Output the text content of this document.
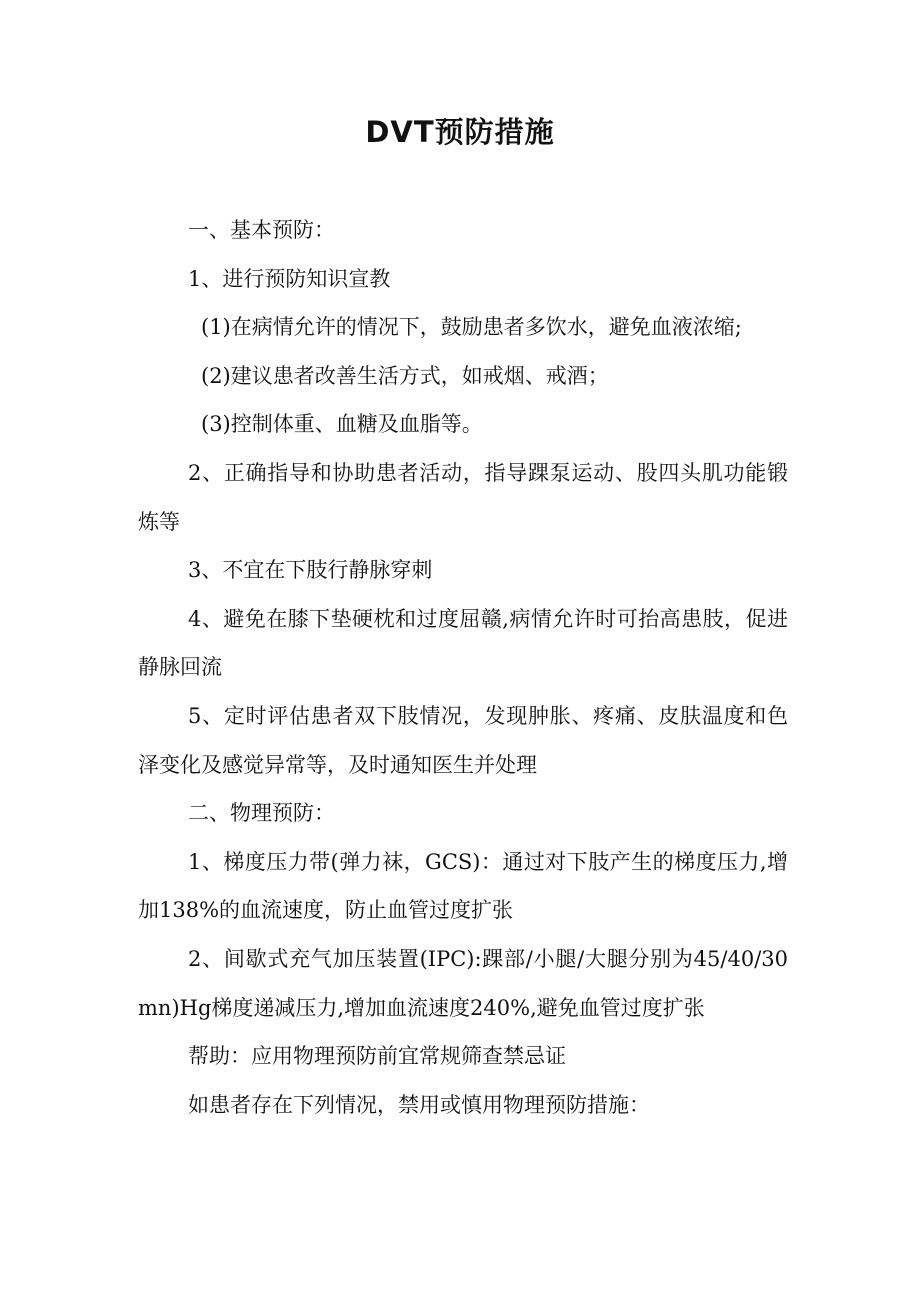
DVT预防措施

一、基本预防：

1、进行预防知识宣教

(1)在病情允许的情况下，鼓励患者多饮水，避免血液浓缩;

(2)建议患者改善生活方式，如戒烟、戒酒；

(3)控制体重、血糖及血脂等。

2、正确指导和协助患者活动，指导踝泵运动、股四头肌功能锻炼等

3、不宜在下肢行静脉穿刺

4、避免在膝下垫硬枕和过度屈赣,病情允许时可抬高患肢，促进静脉回流

5、定时评估患者双下肢情况，发现肿胀、疼痛、皮肤温度和色泽变化及感觉异常等，及时通知医生并处理

二、物理预防：

1、梯度压力带(弹力袜，GCS)：通过对下肢产生的梯度压力,增加138%的血流速度，防止血管过度扩张

2、间歇式充气加压装置(IPC):踝部/小腿/大腿分别为45/40/30mn)Hg梯度递减压力,增加血流速度240%,避免血管过度扩张

帮助：应用物理预防前宜常规筛查禁忌证

如患者存在下列情况，禁用或慎用物理预防措施：
